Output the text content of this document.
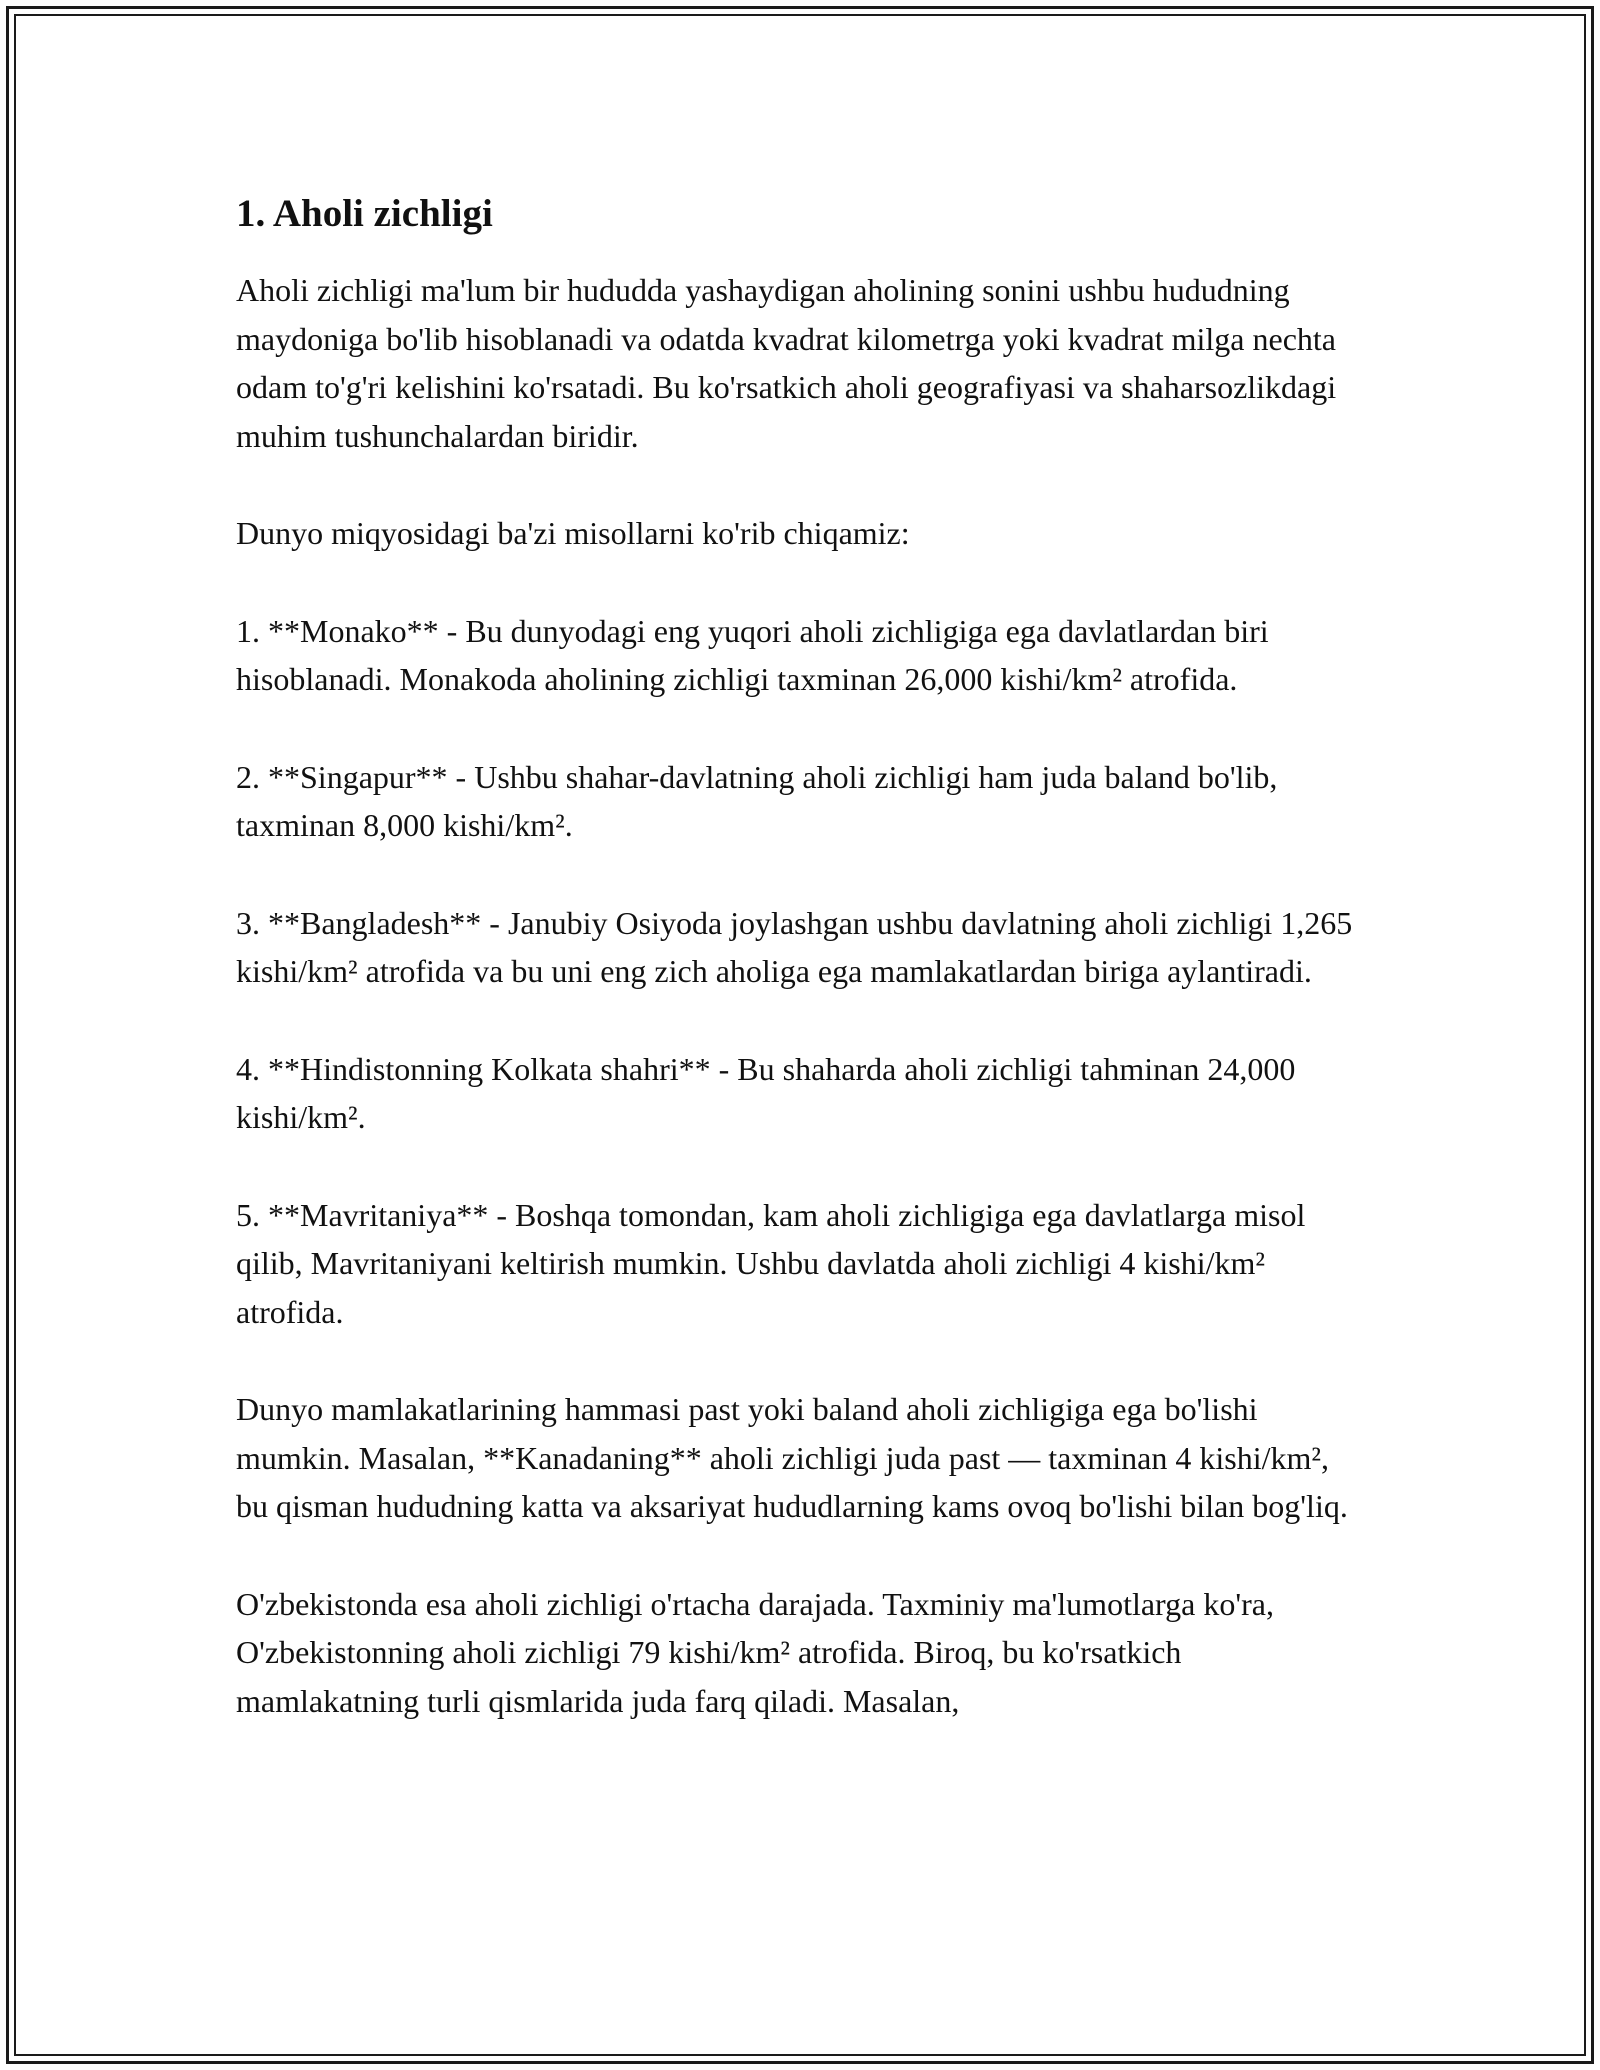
1. Aholi zichligi

Aholi zichligi ma'lum bir hududda yashaydigan aholining sonini ushbu hududning maydoniga bo'lib hisoblanadi va odatda kvadrat kilometrga yoki kvadrat milga nechta odam to'g'ri kelishini ko'rsatadi. Bu ko'rsatkich aholi geografiyasi va shaharsozlikdagi muhim tushunchalardan biridir.

Dunyo miqyosidagi ba'zi misollarni ko'rib chiqamiz:

1. **Monako** - Bu dunyodagi eng yuqori aholi zichligiga ega davlatlardan biri hisoblanadi. Monakoda aholining zichligi taxminan 26,000 kishi/km² atrofida.

2. **Singapur** - Ushbu shahar-davlatning aholi zichligi ham juda baland bo'lib, taxminan 8,000 kishi/km².

3. **Bangladesh** - Janubiy Osiyoda joylashgan ushbu davlatning aholi zichligi 1,265 kishi/km² atrofida va bu uni eng zich aholiga ega mamlakatlardan biriga aylantiradi.

4. **Hindistonning Kolkata shahri** - Bu shaharda aholi zichligi tahminan 24,000 kishi/km².

5. **Mavritaniya** - Boshqa tomondan, kam aholi zichligiga ega davlatlarga misol qilib, Mavritaniyani keltirish mumkin. Ushbu davlatda aholi zichligi 4 kishi/km² atrofida.

Dunyo mamlakatlarining hammasi past yoki baland aholi zichligiga ega bo'lishi mumkin. Masalan, **Kanadaning** aholi zichligi juda past — taxminan 4 kishi/km², bu qisman hududning katta va aksariyat hududlarning kams ovoq bo'lishi bilan bog'liq.

O'zbekistonda esa aholi zichligi o'rtacha darajada. Taxminiy ma'lumotlarga ko'ra, O'zbekistonning aholi zichligi 79 kishi/km² atrofida. Biroq, bu ko'rsatkich mamlakatning turli qismlarida juda farq qiladi. Masalan,
